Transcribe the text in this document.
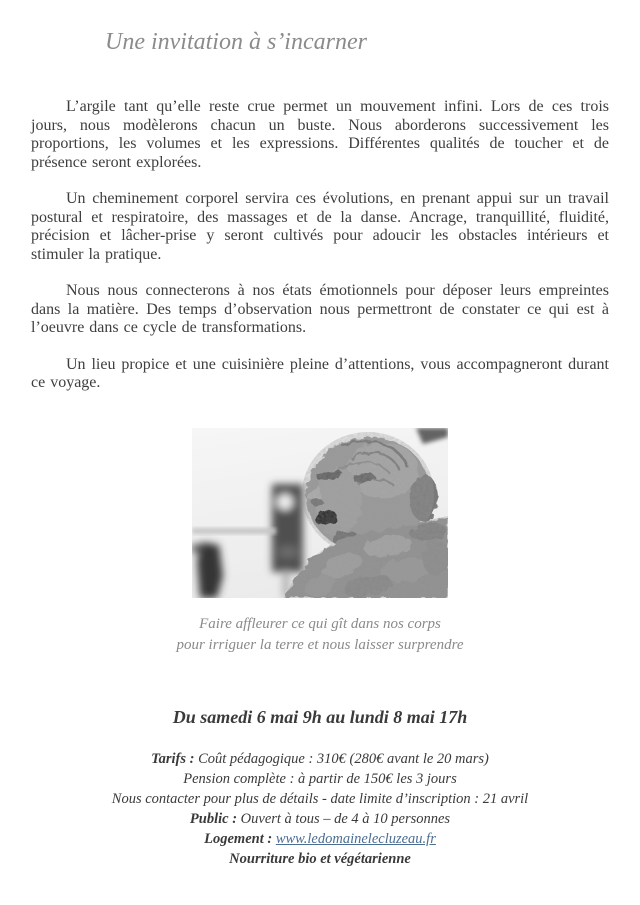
Une invitation à s’incarner

L’argile tant qu’elle reste crue permet un mouvement infini. Lors de ces trois jours, nous modèlerons chacun un buste. Nous aborderons successivement les proportions, les volumes et les expressions. Différentes qualités de toucher et de présence seront explorées.

Un cheminement corporel servira ces évolutions, en prenant appui sur un travail postural et respiratoire, des massages et de la danse. Ancrage, tranquillité, fluidité, précision et lâcher-prise y seront cultivés pour adoucir les obstacles intérieurs et stimuler la pratique.

Nous nous connecterons à nos états émotionnels pour déposer leurs empreintes dans la matière. Des temps d’observation nous permettront de constater ce qui est à l’oeuvre dans ce cycle de transformations.

Un lieu propice et une cuisinière pleine d’attentions, vous accompagneront durant ce voyage.

Faire affleurer ce qui gît dans nos corps
pour irriguer la terre et nous laisser surprendre
Du samedi 6 mai 9h au lundi 8 mai 17h

Tarifs : Coût pédagogique : 310€ (280€ avant le 20 mars)

Pension complète : à partir de 150€ les 3 jours

Nous contacter pour plus de détails - date limite d’inscription : 21 avril

Public : Ouvert à tous – de 4 à 10 personnes

Logement : www.ledomainelecluzeau.fr

Nourriture bio et végétarienne
